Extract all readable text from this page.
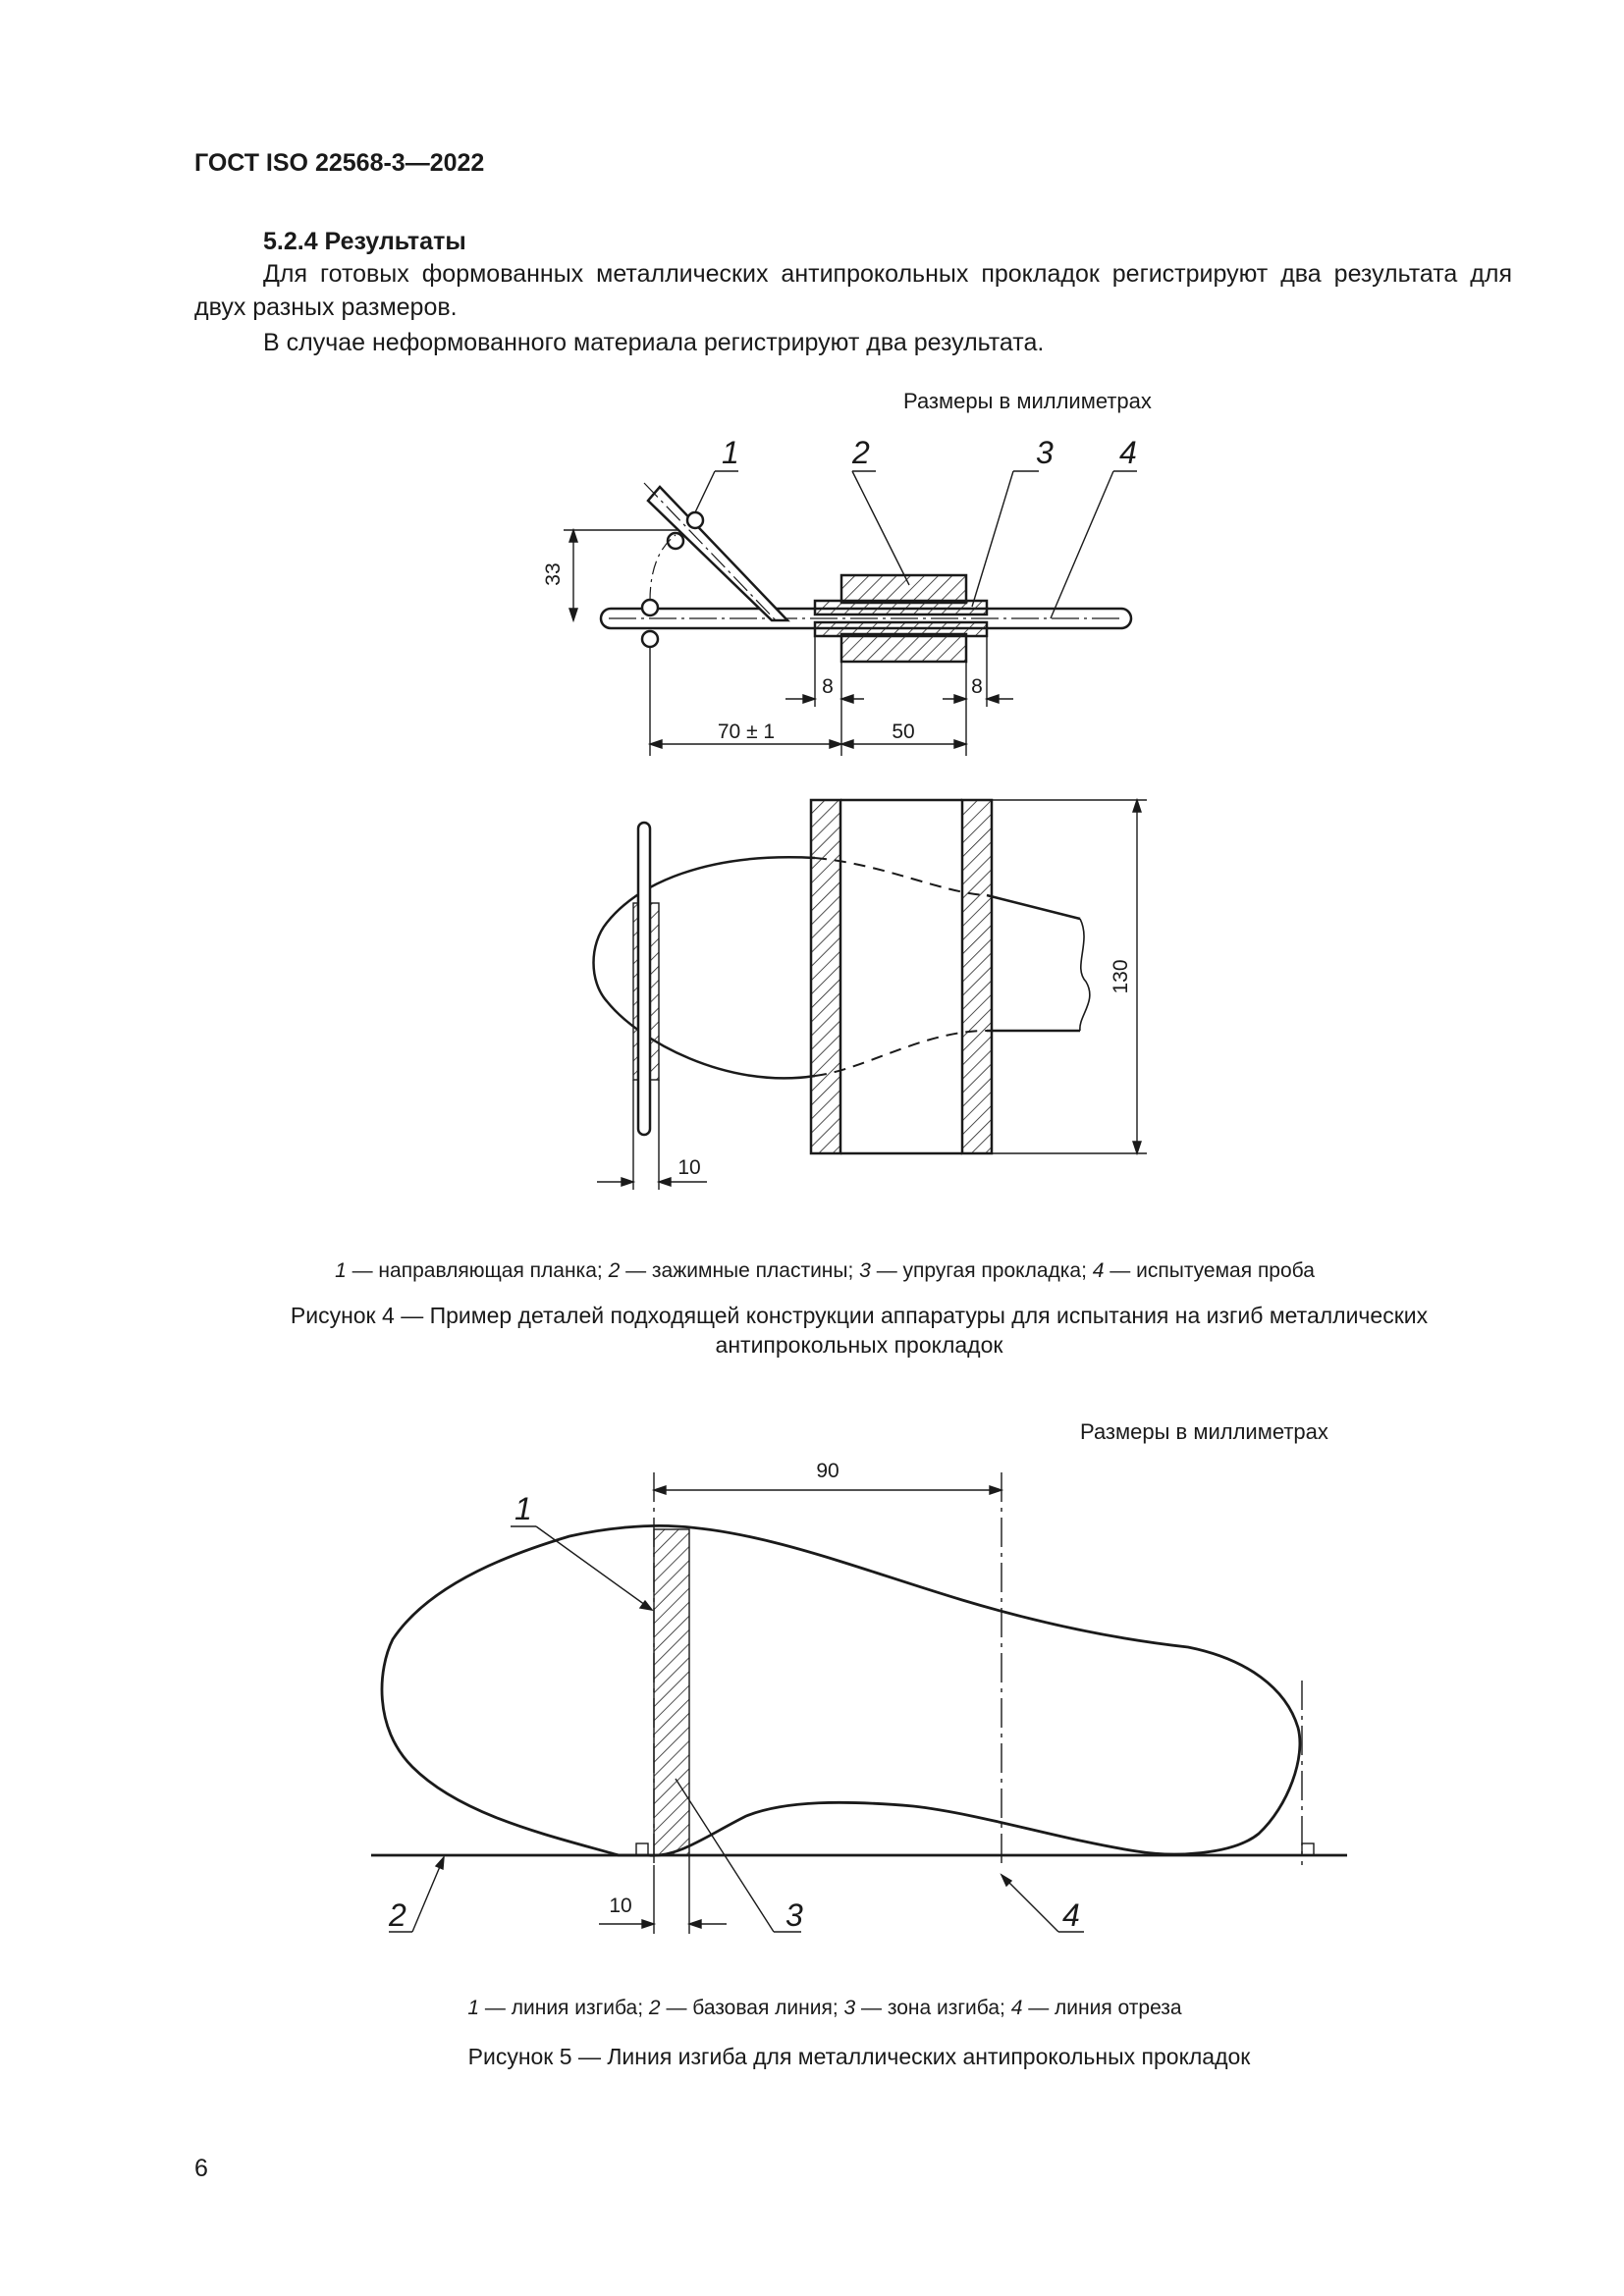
ГОСТ ISO 22568-3—2022
5.2.4 Результаты
Для готовых формованных металлических антипрокольных прокладок регистрируют два результата для двух разных размеров.
В случае неформованного материала регистрируют два результата.
Размеры в миллиметрах
33
8	8
70 ± 1	50
1	2	3 4
130
10
90
10
1
2	3	4
1 — направляющая планка; 2 — зажимные пластины; 3 — упругая прокладка; 4 — испытуемая проба
Рисунок 4 — Пример деталей подходящей конструкции аппаратуры для испытания на изгиб металлических
антипрокольных прокладок
Размеры в миллиметрах
1 — линия изгиба; 2 — базовая линия; 3 — зона изгиба; 4 — линия отреза
Рисунок 5 — Линия изгиба для металлических антипрокольных прокладок
6
